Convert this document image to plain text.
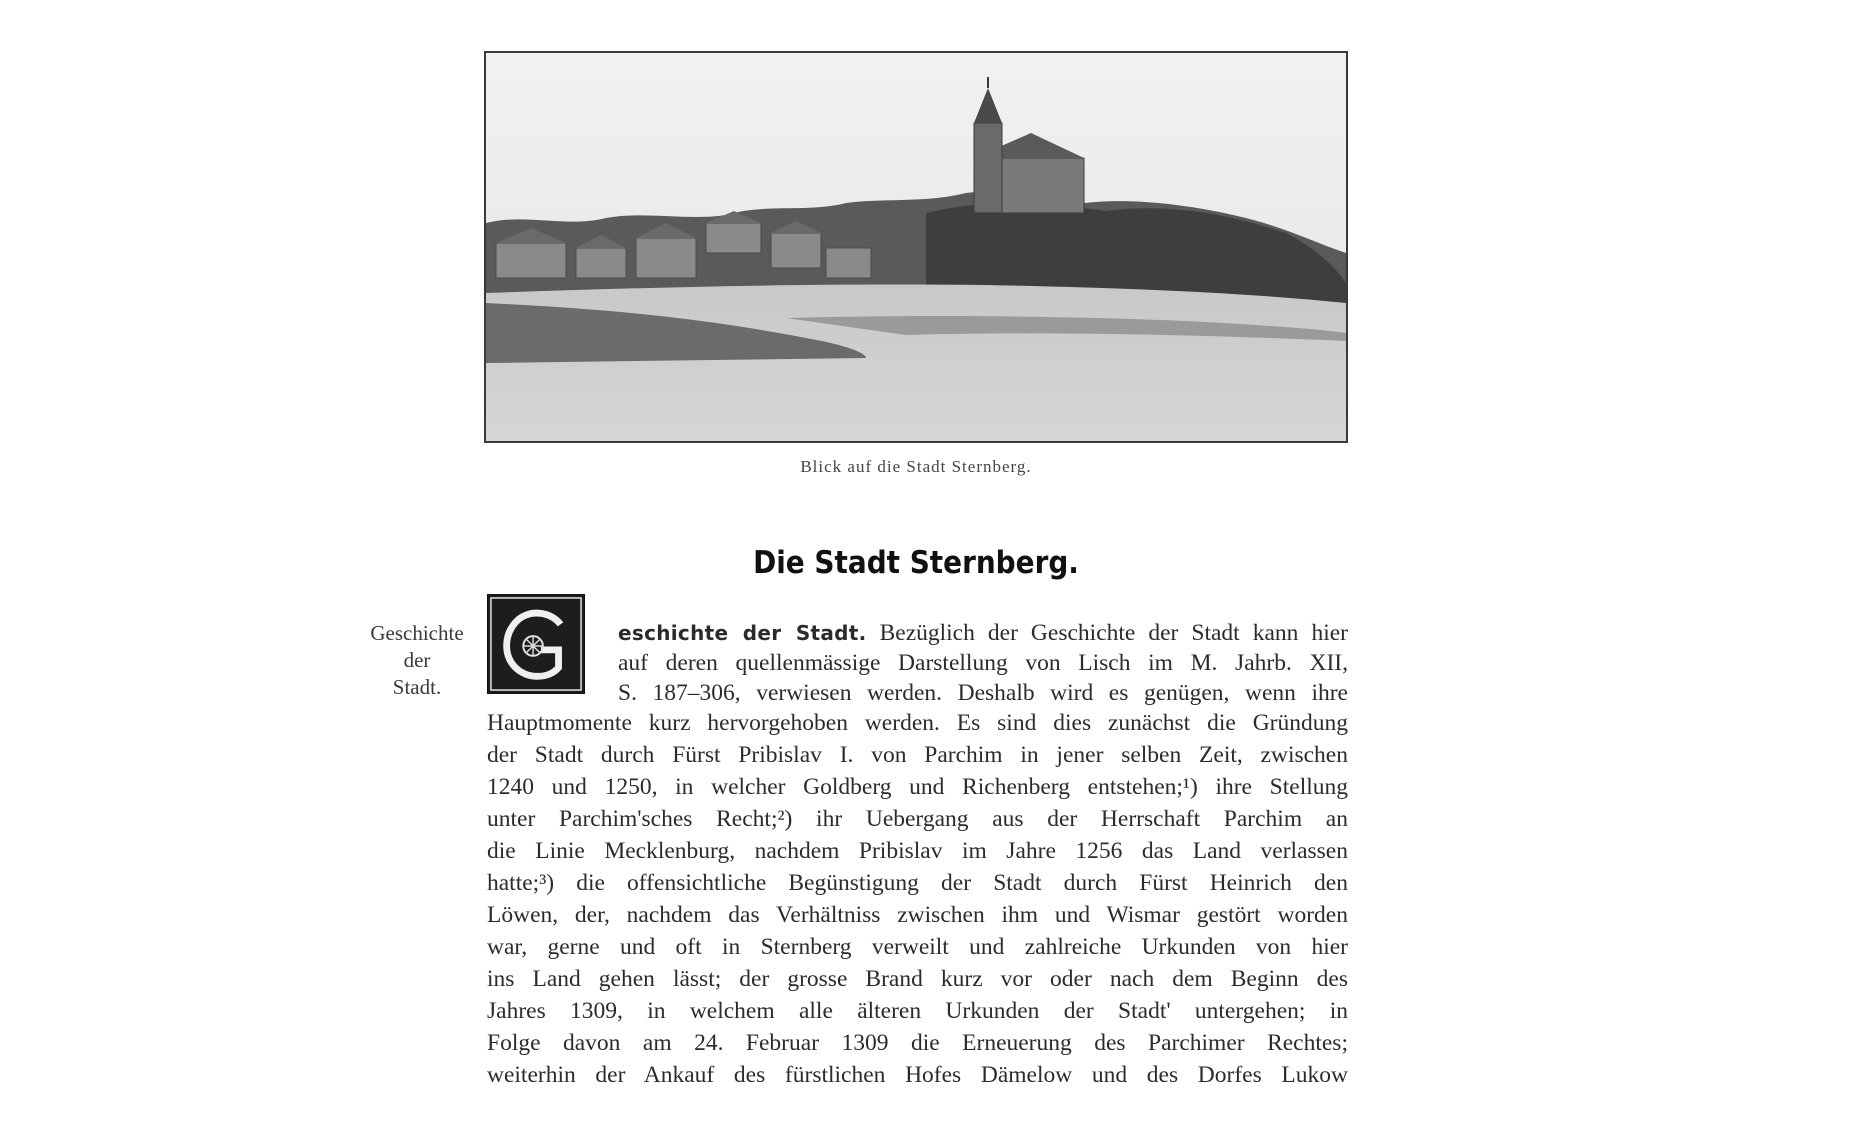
Blick auf die Stadt Sternberg.
Die Stadt Sternberg.
Geschichte
der
Stadt.	G
eschichte der Stadt. Bezüglich der Geschichte der Stadt kann hier
auf deren quellenmässige Darstellung von Lisch im M. Jahrb. XII,
S. 187–306, verwiesen werden. Deshalb wird es genügen, wenn ihre
Hauptmomente kurz hervorgehoben werden. Es sind dies zunächst die Gründung
der Stadt durch Fürst Pribislav I. von Parchim in jener selben Zeit, zwischen
1240 und 1250, in welcher Goldberg und Richenberg entstehen;¹) ihre Stellung
unter Parchim'sches Recht;²) ihr Uebergang aus der Herrschaft Parchim an
die Linie Mecklenburg, nachdem Pribislav im Jahre 1256 das Land verlassen
hatte;³) die offensichtliche Begünstigung der Stadt durch Fürst Heinrich den
Löwen, der, nachdem das Verhältniss zwischen ihm und Wismar gestört worden
war, gerne und oft in Sternberg verweilt und zahlreiche Urkunden von hier
ins Land gehen lässt; der grosse Brand kurz vor oder nach dem Beginn des
Jahres 1309, in welchem alle älteren Urkunden der Stadt' untergehen; in
Folge davon am 24. Februar 1309 die Erneuerung des Parchimer Rechtes;
weiterhin der Ankauf des fürstlichen Hofes Dämelow und des Dorfes Lukow
